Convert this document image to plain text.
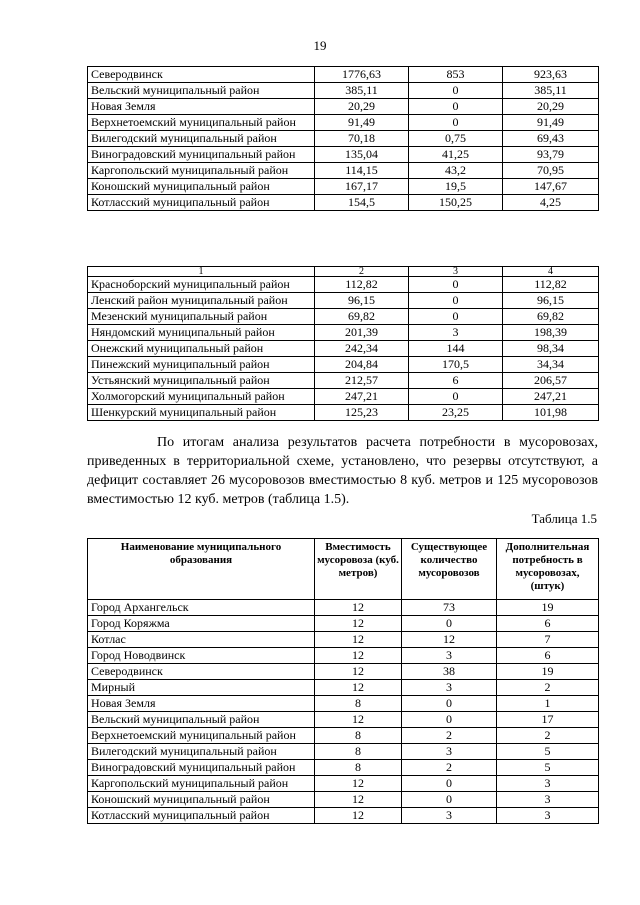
19
Северодвинск	1776,63	853	923,63
Вельский муниципальный район	385,11	0	385,11
Новая Земля	20,29	0	20,29
Верхнетоемский муниципальный район	91,49	0	91,49
Вилегодский муниципальный район	70,18	0,75	69,43
Виноградовский муниципальный район	135,04	41,25	93,79
Каргопольский муниципальный район	114,15	43,2	70,95
Коношский муниципальный район	167,17	19,5	147,67
Котласский муниципальный район	154,5	150,25	4,25
1	2	3	4
Красноборский муниципальный район	112,82	0	112,82
Ленский район муниципальный район	96,15	0	96,15
Мезенский муниципальный район	69,82	0	69,82
Няндомский муниципальный район	201,39	3	198,39
Онежский муниципальный район	242,34	144	98,34
Пинежский муниципальный район	204,84	170,5	34,34
Устьянский муниципальный район	212,57	6	206,57
Холмогорский муниципальный район	247,21	0	247,21
Шенкурский муниципальный район	125,23	23,25	101,98

По итогам анализа результатов расчета потребности в мусоровозах, приведенных в территориальной схеме, установлено, что резервы отсутствуют, а дефицит составляет 26 мусоровозов вместимостью 8 куб. метров и 125 мусоровозов вместимостью 12 куб. метров (таблица 1.5).

Таблица 1.5
Наименование муниципального образования	Вместимость мусоровоза (куб. метров)	Существующее количество мусоровозов	Дополнительная потребность в мусоровозах, (штук)
Город Архангельск	12	73	19
Город Коряжма	12	0	6
Котлас	12	12	7
Город Новодвинск	12	3	6
Северодвинск	12	38	19
Мирный	12	3	2
Новая Земля	8	0	1
Вельский муниципальный район	12	0	17
Верхнетоемский муниципальный район	8	2	2
Вилегодский муниципальный район	8	3	5
Виноградовский муниципальный район	8	2	5
Каргопольский муниципальный район	12	0	3
Коношский муниципальный район	12	0	3
Котласский муниципальный район	12	3	3
